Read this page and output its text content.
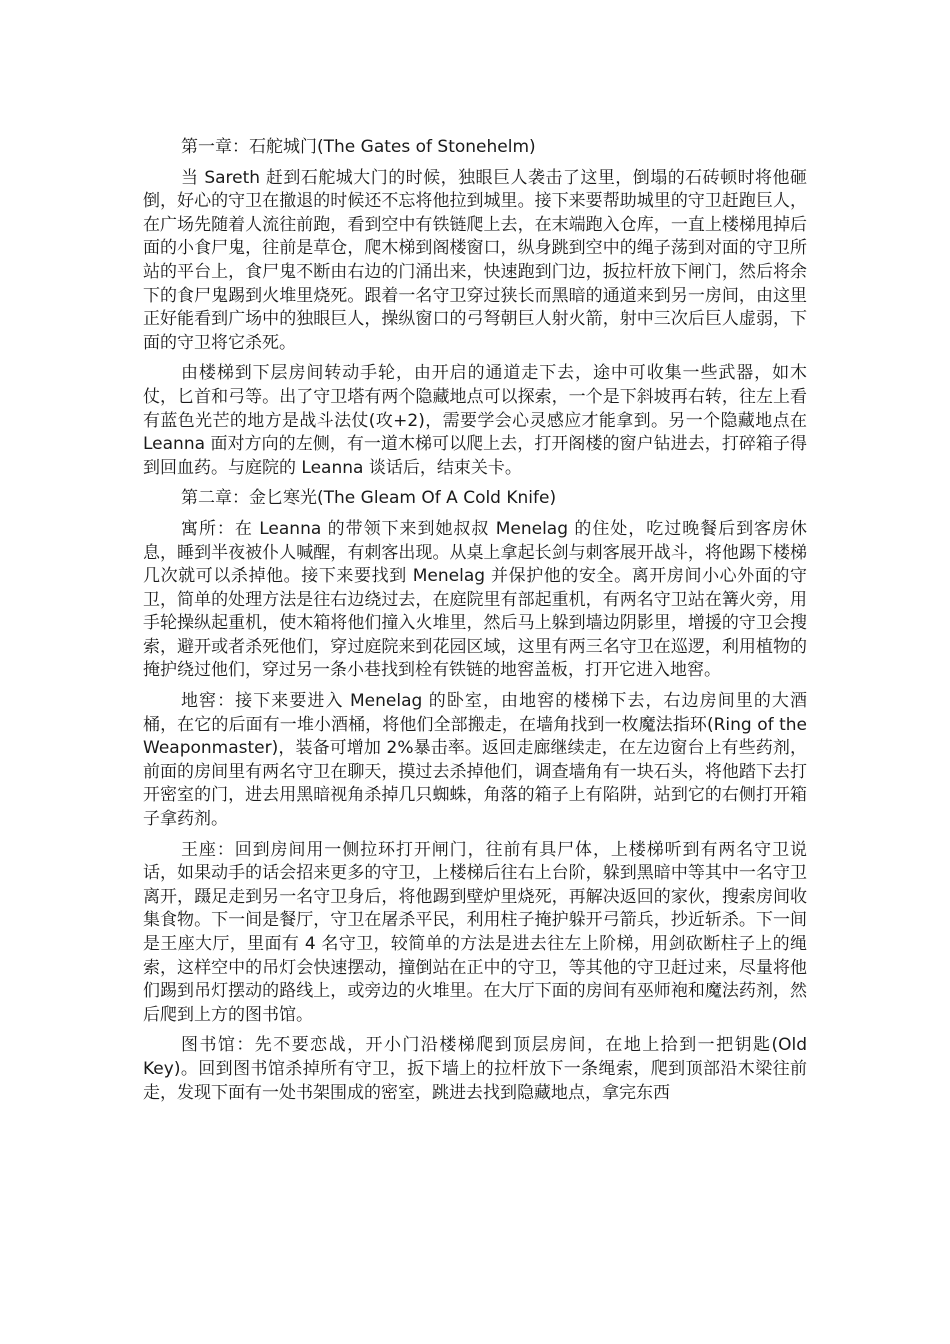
第一章：石舵城门(The Gates of Stonehelm)

当 Sareth 赶到石舵城大门的时候，独眼巨人袭击了这里，倒塌的石砖顿时将他砸倒，好心的守卫在撤退的时候还不忘将他拉到城里。接下来要帮助城里的守卫赶跑巨人，在广场先随着人流往前跑，看到空中有铁链爬上去，在末端跑入仓库，一直上楼梯甩掉后面的小食尸鬼，往前是草仓，爬木梯到阁楼窗口，纵身跳到空中的绳子荡到对面的守卫所站的平台上，食尸鬼不断由右边的门涌出来，快速跑到门边，扳拉杆放下闸门，然后将余下的食尸鬼踢到火堆里烧死。跟着一名守卫穿过狭长而黑暗的通道来到另一房间，由这里正好能看到广场中的独眼巨人，操纵窗口的弓弩朝巨人射火箭，射中三次后巨人虚弱，下面的守卫将它杀死。

由楼梯到下层房间转动手轮，由开启的通道走下去，途中可收集一些武器，如木仗，匕首和弓等。出了守卫塔有两个隐藏地点可以探索，一个是下斜坡再右转，往左上看有蓝色光芒的地方是战斗法仗(攻+2)，需要学会心灵感应才能拿到。另一个隐藏地点在 Leanna 面对方向的左侧，有一道木梯可以爬上去，打开阁楼的窗户钻进去，打碎箱子得到回血药。与庭院的 Leanna 谈话后，结束关卡。

第二章：金匕寒光(The Gleam Of A Cold Knife)

寓所：在 Leanna 的带领下来到她叔叔 Menelag 的住处，吃过晚餐后到客房休息，睡到半夜被仆人喊醒，有刺客出现。从桌上拿起长剑与刺客展开战斗，将他踢下楼梯几次就可以杀掉他。接下来要找到 Menelag 并保护他的安全。离开房间小心外面的守卫，简单的处理方法是往右边绕过去，在庭院里有部起重机，有两名守卫站在篝火旁，用手轮操纵起重机，使木箱将他们撞入火堆里，然后马上躲到墙边阴影里，增援的守卫会搜索，避开或者杀死他们，穿过庭院来到花园区域，这里有两三名守卫在巡逻，利用植物的掩护绕过他们，穿过另一条小巷找到栓有铁链的地窖盖板，打开它进入地窖。

地窖：接下来要进入 Menelag 的卧室，由地窖的楼梯下去，右边房间里的大酒桶，在它的后面有一堆小酒桶，将他们全部搬走，在墙角找到一枚魔法指环(Ring of the Weaponmaster)，装备可增加 2%暴击率。返回走廊继续走，在左边窗台上有些药剂，前面的房间里有两名守卫在聊天，摸过去杀掉他们，调查墙角有一块石头，将他踏下去打开密室的门，进去用黑暗视角杀掉几只蜘蛛，角落的箱子上有陷阱，站到它的右侧打开箱子拿药剂。

王座：回到房间用一侧拉环打开闸门，往前有具尸体，上楼梯听到有两名守卫说话，如果动手的话会招来更多的守卫，上楼梯后往右上台阶，躲到黑暗中等其中一名守卫离开，蹑足走到另一名守卫身后，将他踢到壁炉里烧死，再解决返回的家伙，搜索房间收集食物。下一间是餐厅，守卫在屠杀平民，利用柱子掩护躲开弓箭兵，抄近斩杀。下一间是王座大厅，里面有 4 名守卫，较简单的方法是进去往左上阶梯，用剑砍断柱子上的绳索，这样空中的吊灯会快速摆动，撞倒站在正中的守卫，等其他的守卫赶过来，尽量将他们踢到吊灯摆动的路线上，或旁边的火堆里。在大厅下面的房间有巫师袍和魔法药剂，然后爬到上方的图书馆。

图书馆：先不要恋战，开小门沿楼梯爬到顶层房间，在地上拾到一把钥匙(Old Key)。回到图书馆杀掉所有守卫，扳下墙上的拉杆放下一条绳索，爬到顶部沿木梁往前走，发现下面有一处书架围成的密室，跳进去找到隐藏地点，拿完东西
